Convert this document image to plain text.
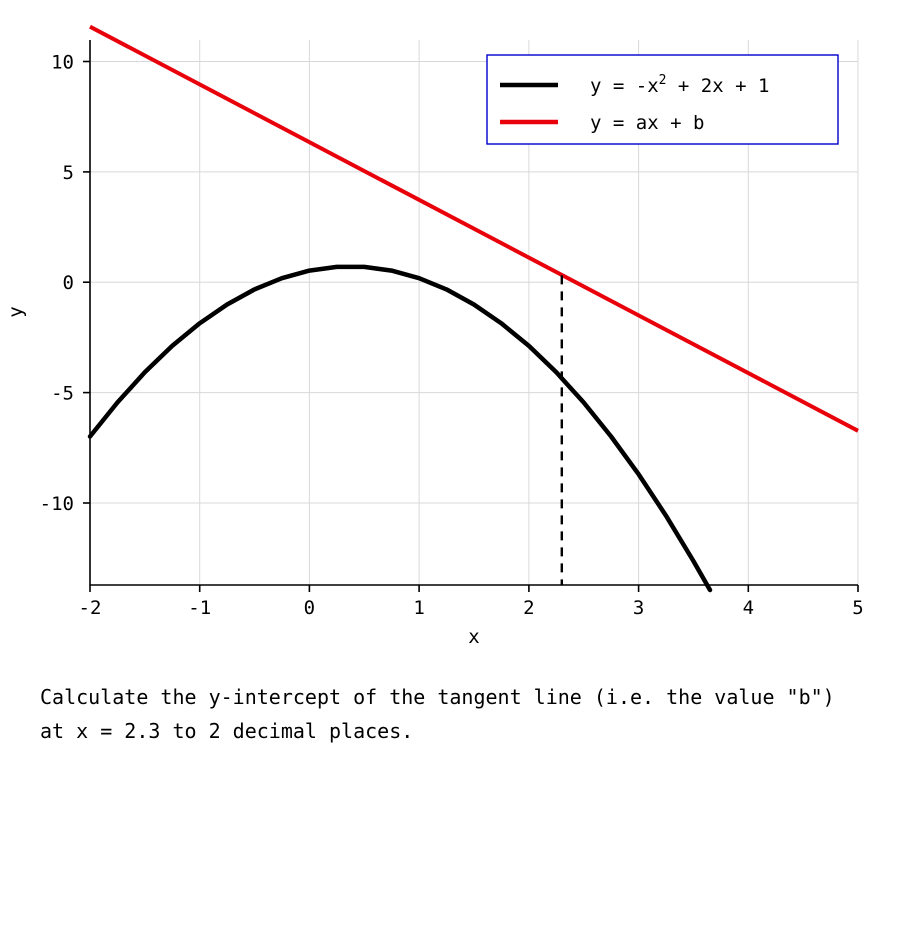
-2	-1	0	1	2	3	4	5
-10
-5
0
5
10
x
y
$y = -x^2 + 2x + 1$
y = ax + b
Calculate the y-intercept of the tangent line (i.e. the value "b") at x = 2.3 to 2 decimal places.
